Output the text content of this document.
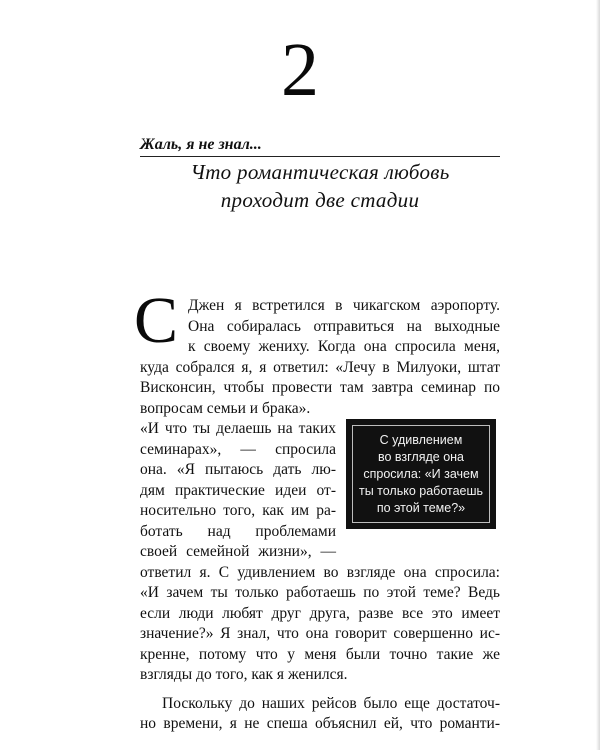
2
Жаль, я не знал...
Что романтическая любовь
проходит две стадии
С Джен я встретился в чикагском аэропорту.
Она собиралась отправиться на выходные
к своему жениху. Когда она спросила меня,
куда собрался я, я ответил: «Лечу в Милуоки, штат
Висконсин, чтобы провести там завтра семинар по
вопросам семьи и брака».
«И что ты делаешь на таких
семинарах», — спросила
она. «Я пытаюсь дать лю-
дям практические идеи от-
носительно того, как им ра-
ботать над проблемами
своей семейной жизни», —
ответил я. С удивлением во взгляде она спросила:
«И зачем ты только работаешь по этой теме? Ведь
если люди любят друг друга, разве все это имеет
значение?» Я знал, что она говорит совершенно ис-
кренне, потому что у меня были точно такие же
взгляды до того, как я женился.
Поскольку до наших рейсов было еще достаточ-
но времени, я не спеша объяснил ей, что романти-
С удивлением
во взгляде она
спросила: «И зачем
ты только работаешь
по этой теме?»
